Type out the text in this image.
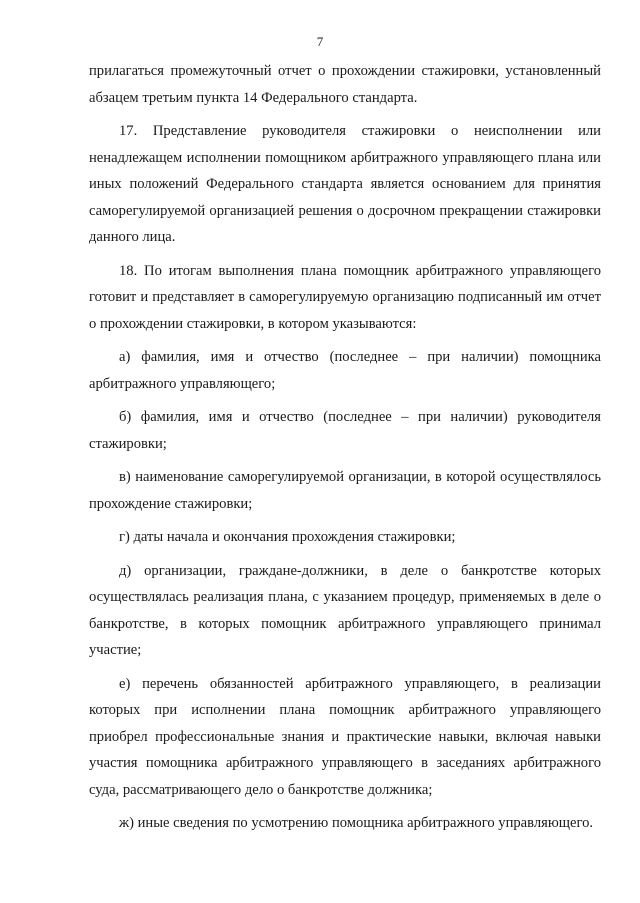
7

прилагаться промежуточный отчет о прохождении стажировки, установленный абзацем третьим пункта 14 Федерального стандарта.

17. Представление руководителя стажировки о неисполнении или ненадлежащем исполнении помощником арбитражного управляющего плана или иных положений Федерального стандарта является основанием для принятия саморегулируемой организацией решения о досрочном прекращении стажировки данного лица.

18. По итогам выполнения плана помощник арбитражного управляющего готовит и представляет в саморегулируемую организацию подписанный им отчет о прохождении стажировки, в котором указываются:

а) фамилия, имя и отчество (последнее – при наличии) помощника арбитражного управляющего;

б) фамилия, имя и отчество (последнее – при наличии) руководителя стажировки;

в) наименование саморегулируемой организации, в которой осуществлялось прохождение стажировки;

г) даты начала и окончания прохождения стажировки;

д) организации, граждане-должники, в деле о банкротстве которых осуществлялась реализация плана, с указанием процедур, применяемых в деле о банкротстве, в которых помощник арбитражного управляющего принимал участие;

е) перечень обязанностей арбитражного управляющего, в реализации которых при исполнении плана помощник арбитражного управляющего приобрел профессиональные знания и практические навыки, включая навыки участия помощника арбитражного управляющего в заседаниях арбитражного суда, рассматривающего дело о банкротстве должника;

ж) иные сведения по усмотрению помощника арбитражного управляющего.
